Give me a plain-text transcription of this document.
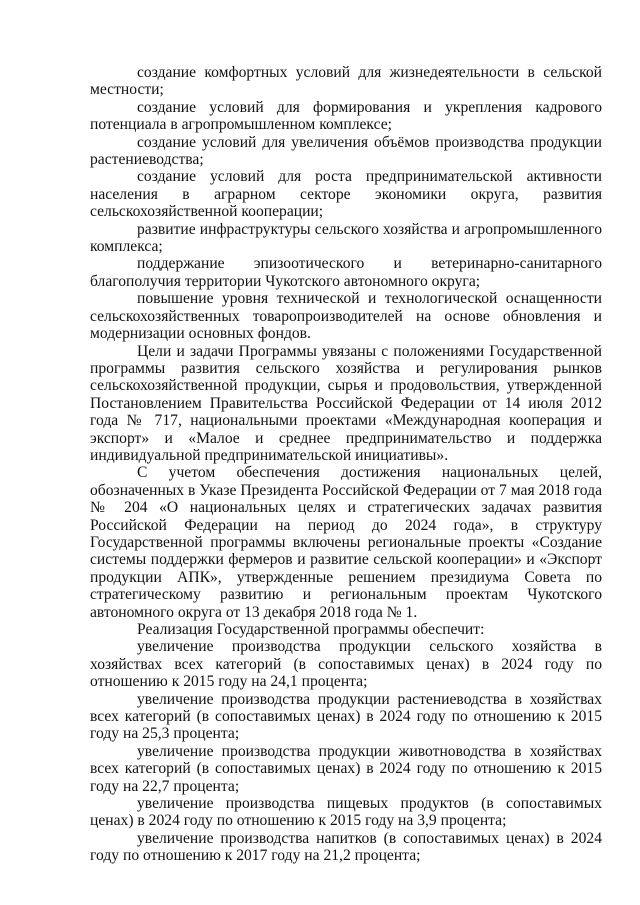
создание комфортных условий для жизнедеятельности в сельской местности;

создание условий для формирования и укрепления кадрового потенциала в агропромышленном комплексе;

создание условий для увеличения объёмов производства продукции растениеводства;

создание условий для роста предпринимательской активности населения в аграрном секторе экономики округа, развития сельскохозяйственной кооперации;

развитие инфраструктуры сельского хозяйства и агропромышленного комплекса;

поддержание эпизоотического и ветеринарно-санитарного благополучия территории Чукотского автономного округа;

повышение уровня технической и технологической оснащенности сельскохозяйственных товаропроизводителей на основе обновления и модернизации основных фондов.

Цели и задачи Программы увязаны с положениями Государственной программы развития сельского хозяйства и регулирования рынков сельскохозяйственной продукции, сырья и продовольствия, утвержденной Постановлением Правительства Российской Федерации от 14 июля 2012 года № 717, национальными проектами «Международная кооперация и экспорт» и «Малое и среднее предпринимательство и поддержка индивидуальной предпринимательской инициативы».

С учетом обеспечения достижения национальных целей, обозначенных в Указе Президента Российской Федерации от 7 мая 2018 года № 204 «О национальных целях и стратегических задачах развития Российской Федерации на период до 2024 года», в структуру Государственной программы включены региональные проекты «Создание системы поддержки фермеров и развитие сельской кооперации» и «Экспорт продукции АПК», утвержденные решением президиума Совета по стратегическому развитию и региональным проектам Чукотского автономного округа от 13 декабря 2018 года № 1.

Реализация Государственной программы обеспечит:

увеличение производства продукции сельского хозяйства в хозяйствах всех категорий (в сопоставимых ценах) в 2024 году по отношению к 2015 году на 24,1 процента;

увеличение производства продукции растениеводства в хозяйствах всех категорий (в сопоставимых ценах) в 2024 году по отношению к 2015 году на 25,3 процента;

увеличение производства продукции животноводства в хозяйствах всех категорий (в сопоставимых ценах) в 2024 году по отношению к 2015 году на 22,7 процента;

увеличение производства пищевых продуктов (в сопоставимых ценах) в 2024 году по отношению к 2015 году на 3,9 процента;

увеличение производства напитков (в сопоставимых ценах) в 2024 году по отношению к 2017 году на 21,2 процента;
